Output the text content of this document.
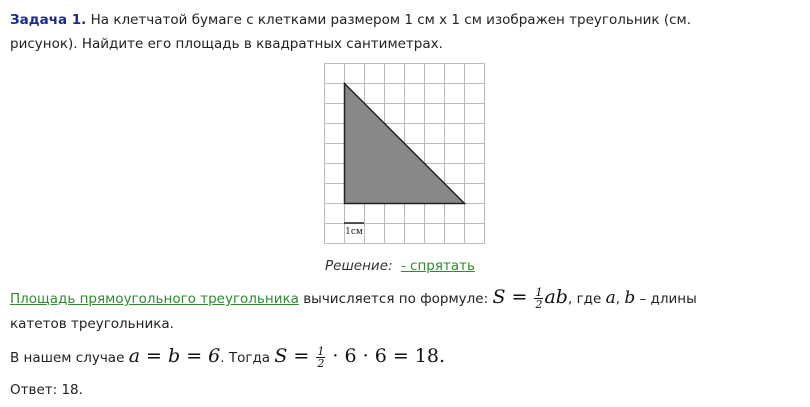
Задача 1. На клетчатой бумаге с клетками размером 1 см х 1 см изображен треугольник (см.
рисунок). Найдите его площадь в квадратных сантиметрах.
1см
Решение: - спрятать
Площадь прямоугольного треугольника вычисляется по формуле: $S = \frac{1}{2}$ ab, где a, b – длины
катетов треугольника.
В нашем случае a = b = 6. Тогда $S = \frac{1}{2} \cdot 6 \cdot 6 = 18$.
Ответ: 18.
